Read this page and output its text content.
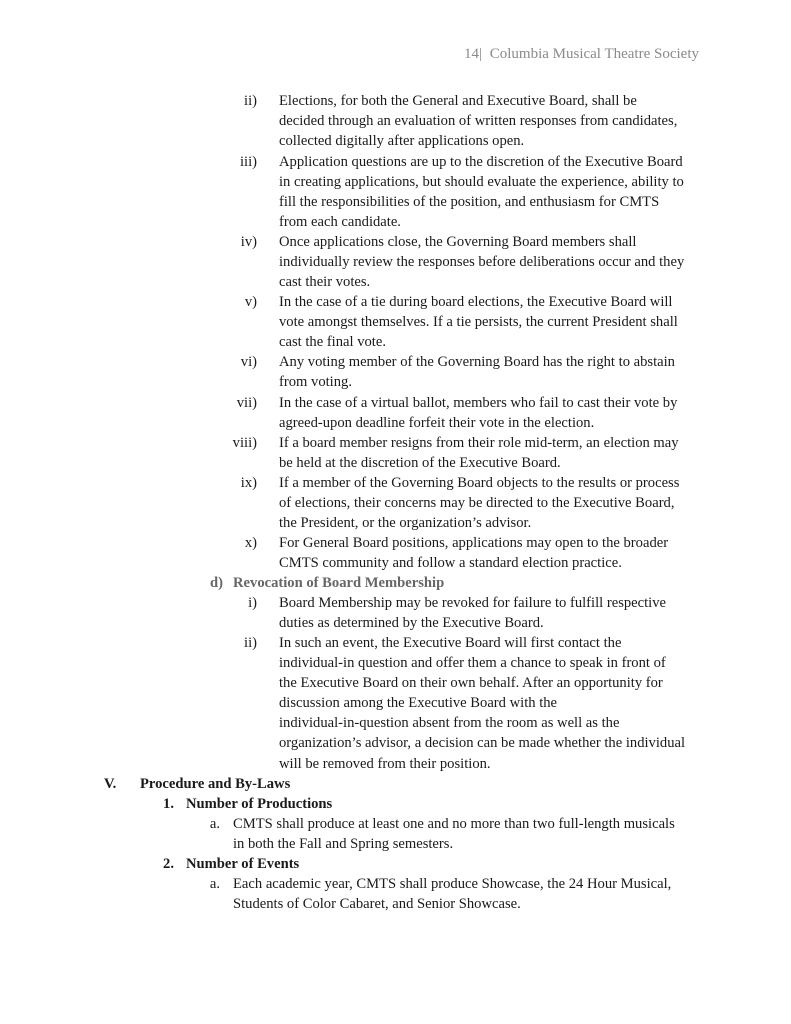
14| Columbia Musical Theatre Society
ii) Elections, for both the General and Executive Board, shall be
decided through an evaluation of written responses from candidates,
collected digitally after applications open.
iii) Application questions are up to the discretion of the Executive Board
in creating applications, but should evaluate the experience, ability to
fill the responsibilities of the position, and enthusiasm for CMTS
from each candidate.
iv) Once applications close, the Governing Board members shall
individually review the responses before deliberations occur and they
cast their votes.
v) In the case of a tie during board elections, the Executive Board will
vote amongst themselves. If a tie persists, the current President shall
cast the final vote.
vi) Any voting member of the Governing Board has the right to abstain
from voting.
vii) In the case of a virtual ballot, members who fail to cast their vote by
agreed-upon deadline forfeit their vote in the election.
viii) If a board member resigns from their role mid-term, an election may
be held at the discretion of the Executive Board.
ix) If a member of the Governing Board objects to the results or process
of elections, their concerns may be directed to the Executive Board,
the President, or the organization’s advisor.
x) For General Board positions, applications may open to the broader
CMTS community and follow a standard election practice.
d) Revocation of Board Membership
i) Board Membership may be revoked for failure to fulfill respective
duties as determined by the Executive Board.
ii) In such an event, the Executive Board will first contact the
individual-in question and offer them a chance to speak in front of
the Executive Board on their own behalf. After an opportunity for
discussion among the Executive Board with the
individual-in-question absent from the room as well as the
organization’s advisor, a decision can be made whether the individual
will be removed from their position.
V.	Procedure and By-Laws
1. Number of Productions
a. CMTS shall produce at least one and no more than two full-length musicals
in both the Fall and Spring semesters.
2. Number of Events
a. Each academic year, CMTS shall produce Showcase, the 24 Hour Musical,
Students of Color Cabaret, and Senior Showcase.
